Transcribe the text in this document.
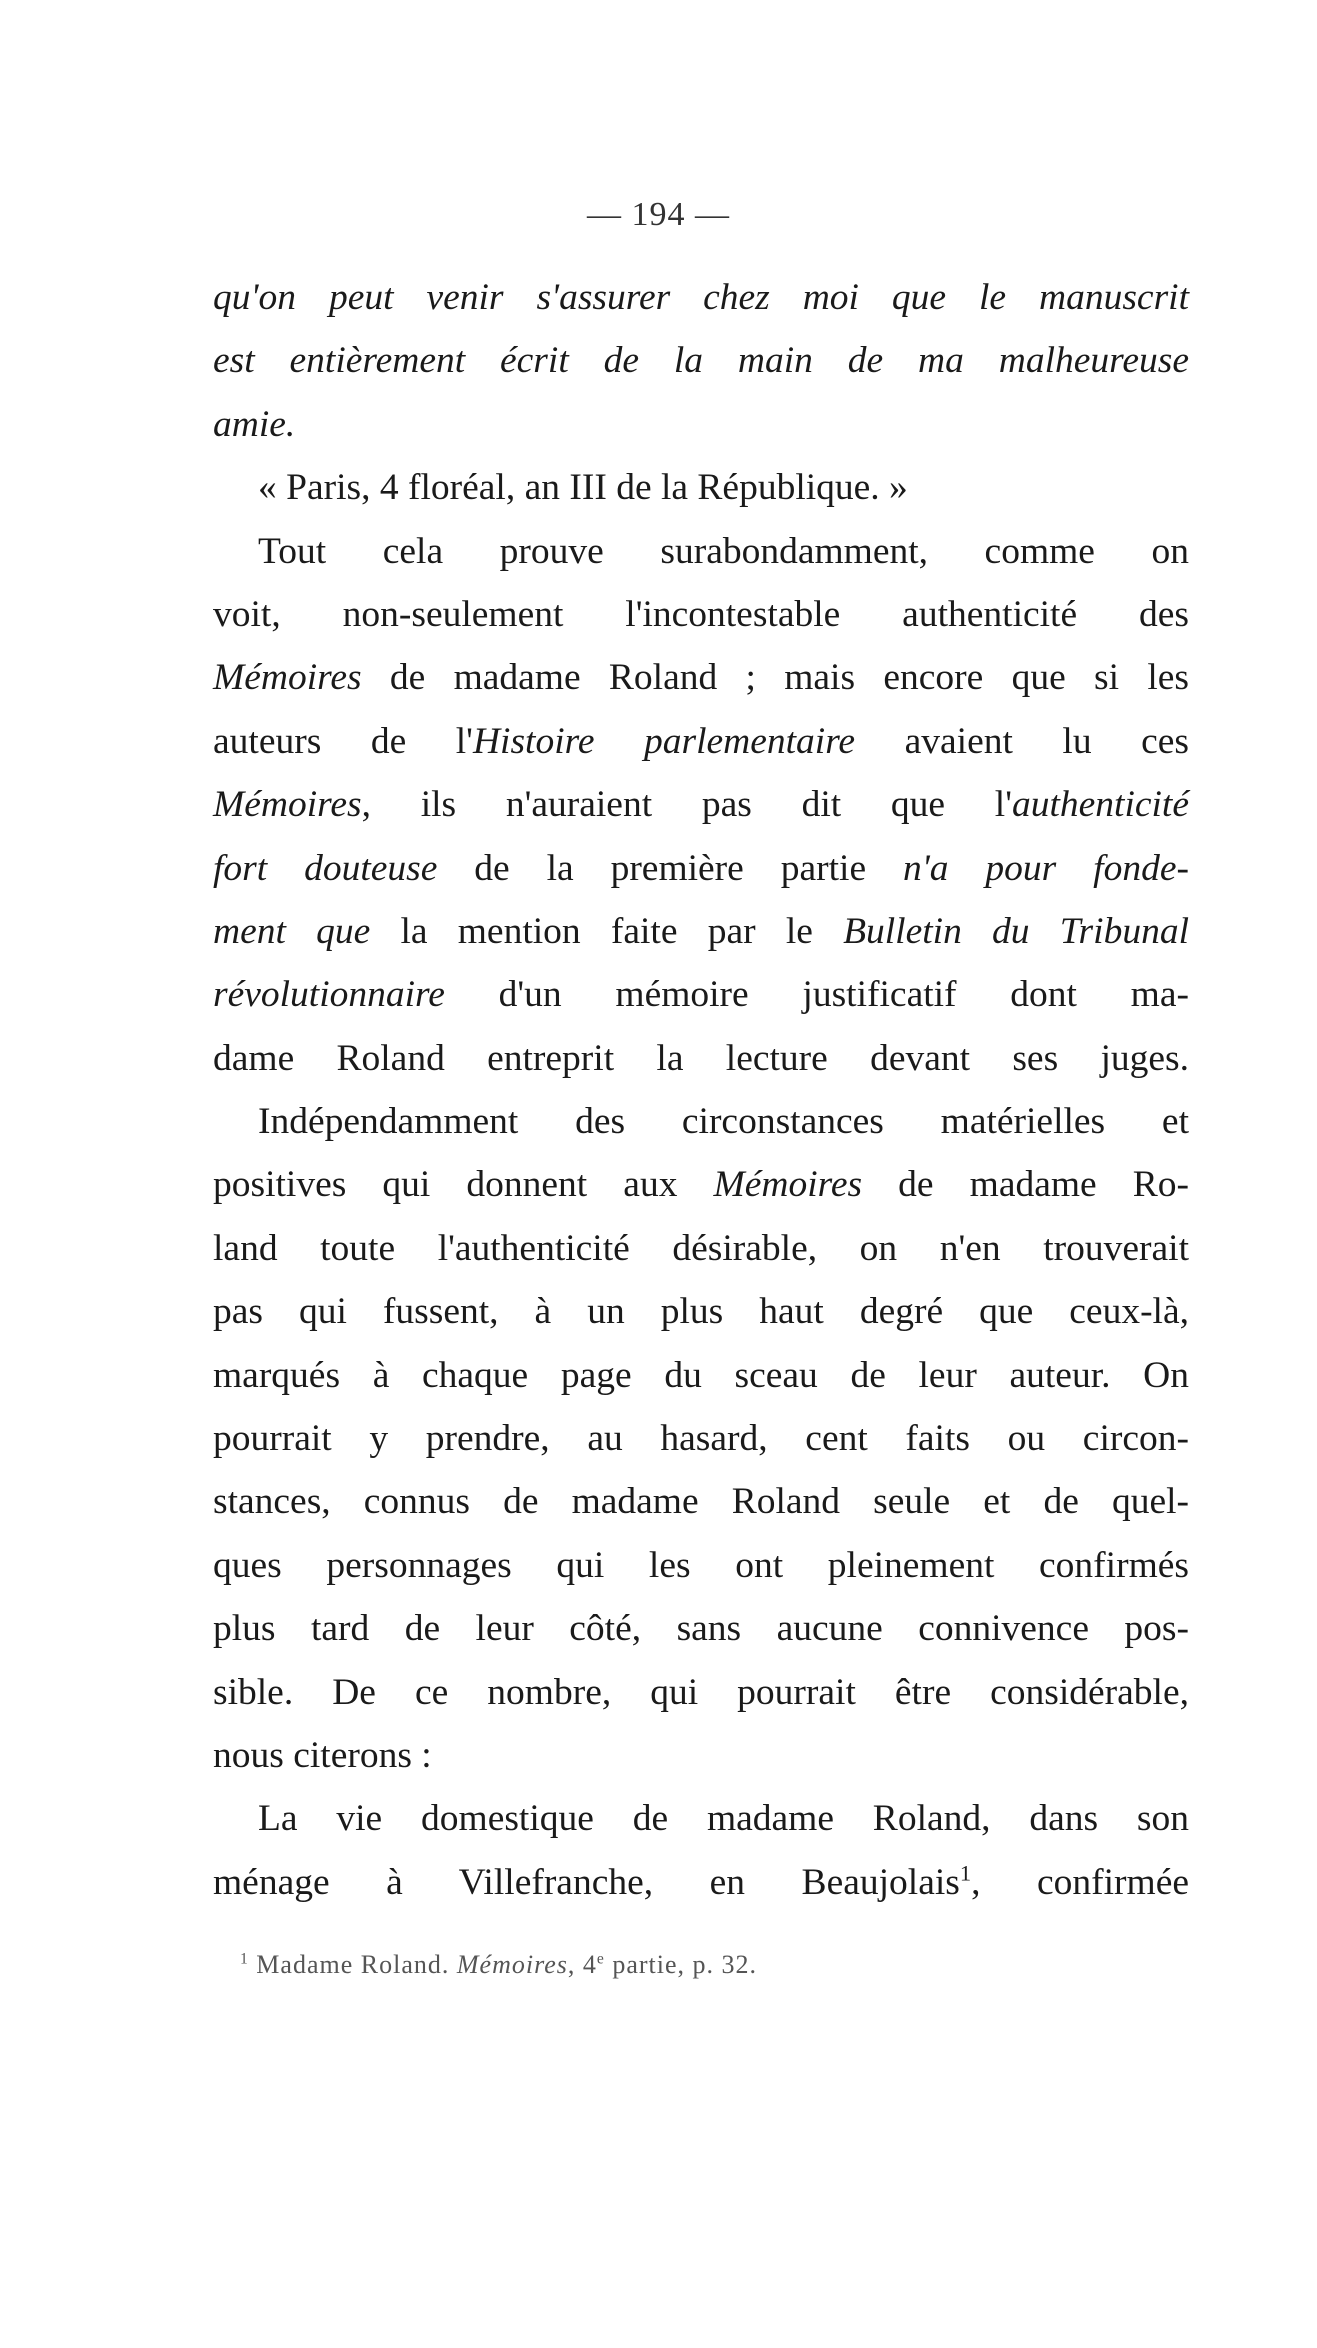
— 194 —
qu'on peut venir s'assurer chez moi que le manuscrit
est entièrement écrit de la main de ma malheureuse
amie.
« Paris, 4 floréal, an III de la République. »
Tout cela prouve surabondamment, comme on
voit, non-seulement l'incontestable authenticité des
Mémoires de madame Roland ; mais encore que si les
auteurs de l'Histoire parlementaire avaient lu ces
Mémoires, ils n'auraient pas dit que l'authenticité
fort douteuse de la première partie n'a pour fonde-
ment que la mention faite par le Bulletin du Tribunal
révolutionnaire d'un mémoire justificatif dont ma-
dame Roland entreprit la lecture devant ses juges.
Indépendamment des circonstances matérielles et
positives qui donnent aux Mémoires de madame Ro-
land toute l'authenticité désirable, on n'en trouverait
pas qui fussent, à un plus haut degré que ceux-là,
marqués à chaque page du sceau de leur auteur. On
pourrait y prendre, au hasard, cent faits ou circon-
stances, connus de madame Roland seule et de quel-
ques personnages qui les ont pleinement confirmés
plus tard de leur côté, sans aucune connivence pos-
sible. De ce nombre, qui pourrait être considérable,
nous citerons :
La vie domestique de madame Roland, dans son
ménage à Villefranche, en Beaujolais$^1$, confirmée
$^1$ Madame Roland. Mémoires, 4e partie, p. 32.
